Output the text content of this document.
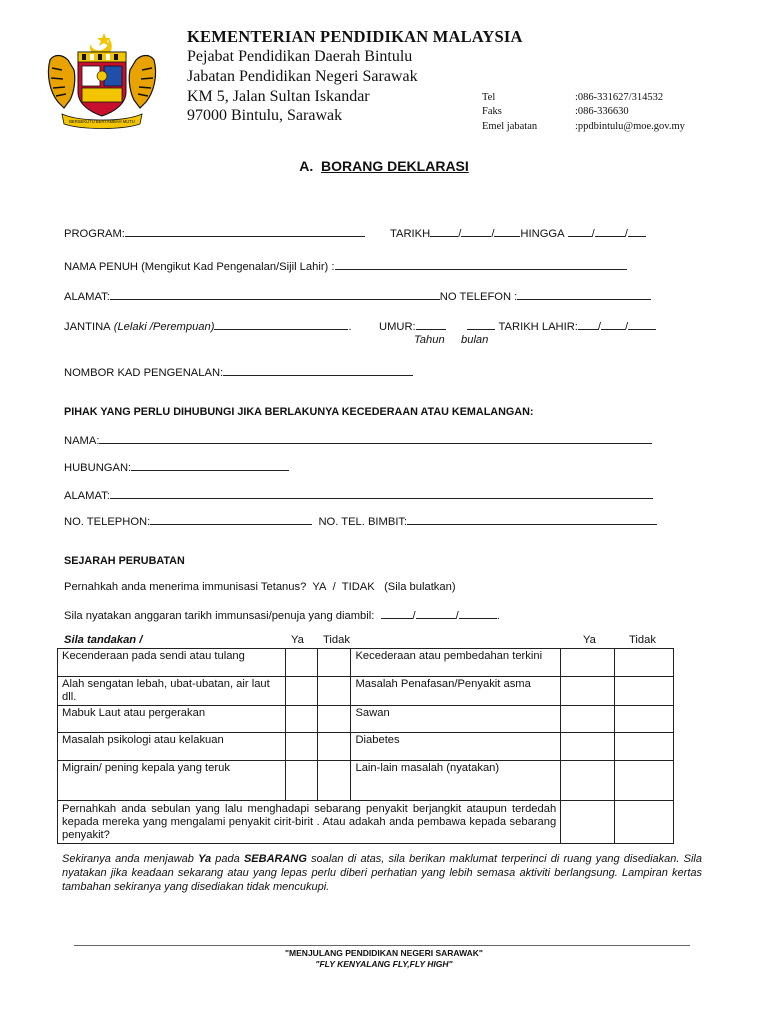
BERSEKUTU BERTAMBAH MUTU
KEMENTERIAN PENDIDIKAN MALAYSIA
Pejabat Pendidikan Daerah Bintulu
Jabatan Pendidikan Negeri Sarawak
KM 5, Jalan Sultan Iskandar
97000 Bintulu, Sarawak
Tel	:086-331627/314532
Faks	:086-336630
Emel jabatan	:ppdbintulu@moe.gov.my
A. BORANG DEKLARASI
PROGRAM:	TARIKH	/	/ HINGGA /	/
NAMA PENUH (Mengikut Kad Pengenalan/Sijil Lahir) :
ALAMAT:	NO TELEFON :
JANTINA (Lelaki /Perempuan)	. UMUR:	TARIKH LAHIR: / /
Tahun bulan
NOMBOR KAD PENGENALAN:
PIHAK YANG PERLU DIHUBUNGI JIKA BERLAKUNYA KECEDERAAN ATAU KEMALANGAN:
NAMA:
HUBUNGAN:
ALAMAT:
NO. TELEPHON:	NO. TEL. BIMBIT:
SEJARAH PERUBATAN
Pernahkah anda menerima immunisasi Tetanus? YA / TIDAK (Sila bulatkan)
Sila nyatakan anggaran tarikh immunsasi/penuja yang diambil:	/	/	.
Sila tandakan /	Ya Tidak	Ya	Tidak
Kecenderaan pada sendi atau tulang			Kecederaan atau pembedahan terkini		
Alah sengatan lebah, ubat-ubatan, air laut dll.			Masalah Penafasan/Penyakit asma		
Mabuk Laut atau pergerakan			Sawan		
Masalah psikologi atau kelakuan			Diabetes		
Migrain/ pening kepala yang teruk			Lain-lain masalah (nyatakan)		
Pernahkah anda sebulan yang lalu menghadapi sebarang penyakit berjangkit ataupun terdedah kepada mereka yang mengalami penyakit cirit-birit . Atau adakah anda pembawa kepada sebarang penyakit?					
Sekiranya anda menjawab Ya pada SEBARANG soalan di atas, sila berikan maklumat terperinci di ruang yang disediakan. Sila nyatakan jika keadaan sekarang atau yang lepas perlu diberi perhatian yang lebih semasa aktiviti berlangsung. Lampiran kertas tambahan sekiranya yang disediakan tidak mencukupi.
"MENJULANG PENDIDIKAN NEGERI SARAWAK"
"FLY KENYALANG FLY,FLY HIGH"
